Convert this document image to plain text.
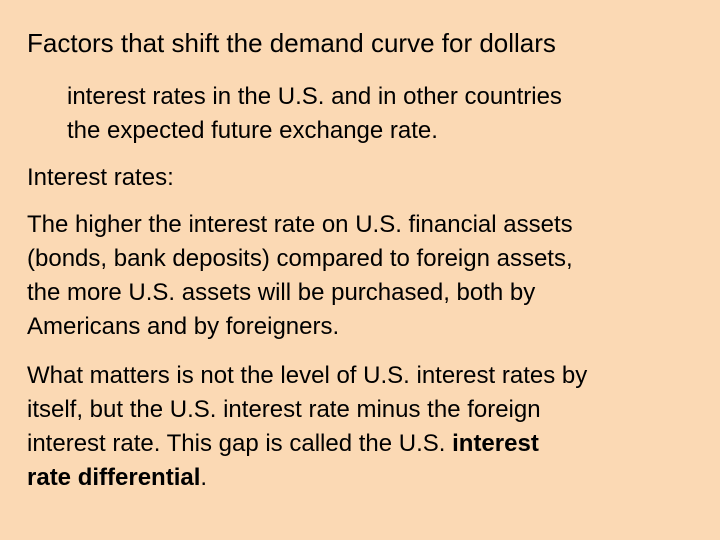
Factors that shift the demand curve for dollars
interest rates in the U.S. and in other countries
the expected future exchange rate.
Interest rates:
The higher the interest rate on U.S. financial assets
(bonds, bank deposits) compared to foreign assets,
the more U.S. assets will be purchased, both by
Americans and by foreigners.
What matters is not the level of U.S. interest rates by
itself, but the U.S. interest rate minus the foreign
interest rate. This gap is called the U.S. interest
rate differential.
